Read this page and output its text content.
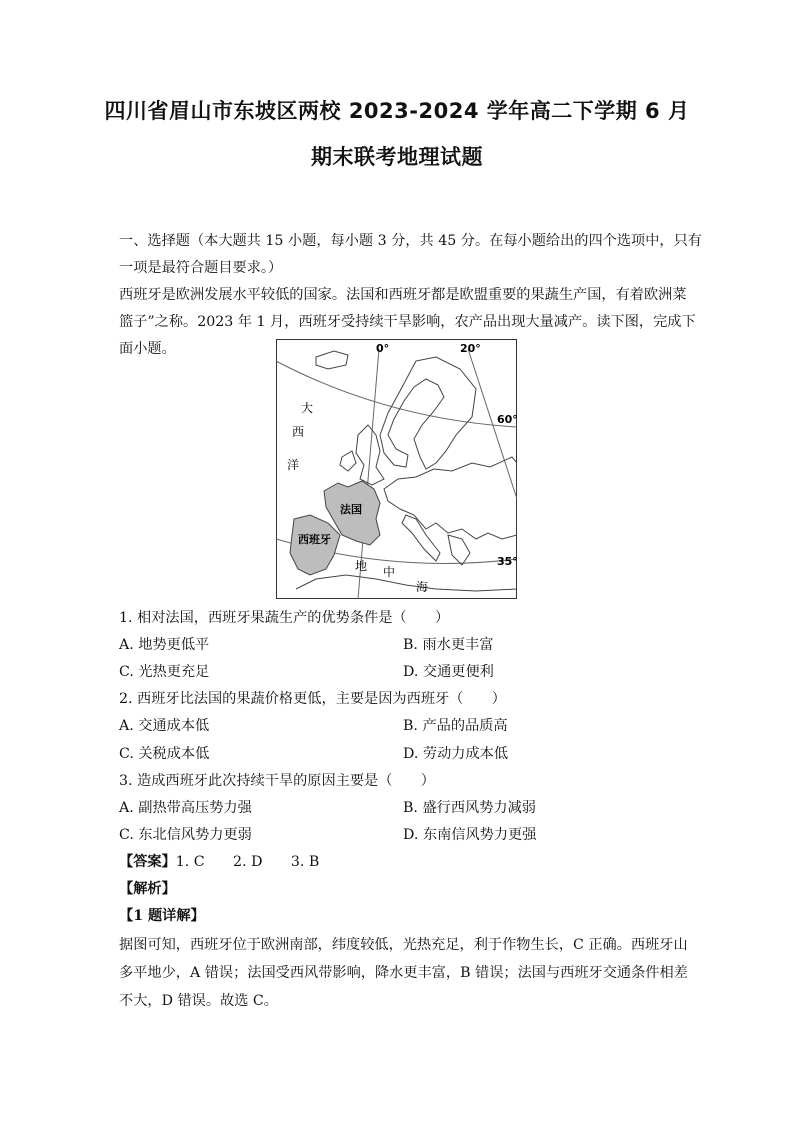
四川省眉山市东坡区两校 2023-2024 学年高二下学期 6 月
期末联考地理试题
一、选择题（本大题共 15 小题，每小题 3 分，共 45 分。在每小题给出的四个选项中，只有
一项是最符合题目要求。）
西班牙是欧洲发展水平较低的国家。法国和西班牙都是欧盟重要的果蔬生产国，有着欧洲菜
篮子”之称。2023 年 1 月，西班牙受持续干旱影响，农产品出现大量减产。读下图，完成下
面小题。	0°	20°
60°
35°
大
西
洋
法国
西班牙
地 中
海
1. 相对法国，西班牙果蔬生产的优势条件是（　　）
A. 地势更低平	B. 雨水更丰富
C. 光热更充足	D. 交通更便利
2. 西班牙比法国的果蔬价格更低，主要是因为西班牙（　　）
A. 交通成本低	B. 产品的品质高
C. 关税成本低	D. 劳动力成本低
3. 造成西班牙此次持续干旱的原因主要是（　　）
A. 副热带高压势力强	B. 盛行西风势力减弱
C. 东北信风势力更弱	D. 东南信风势力更强
【答案】1. C　　2. D　　3. B
【解析】
【1 题详解】
据图可知，西班牙位于欧洲南部，纬度较低，光热充足，利于作物生长，C 正确。西班牙山
多平地少，A 错误；法国受西风带影响，降水更丰富，B 错误；法国与西班牙交通条件相差
不大，D 错误。故选 C。
